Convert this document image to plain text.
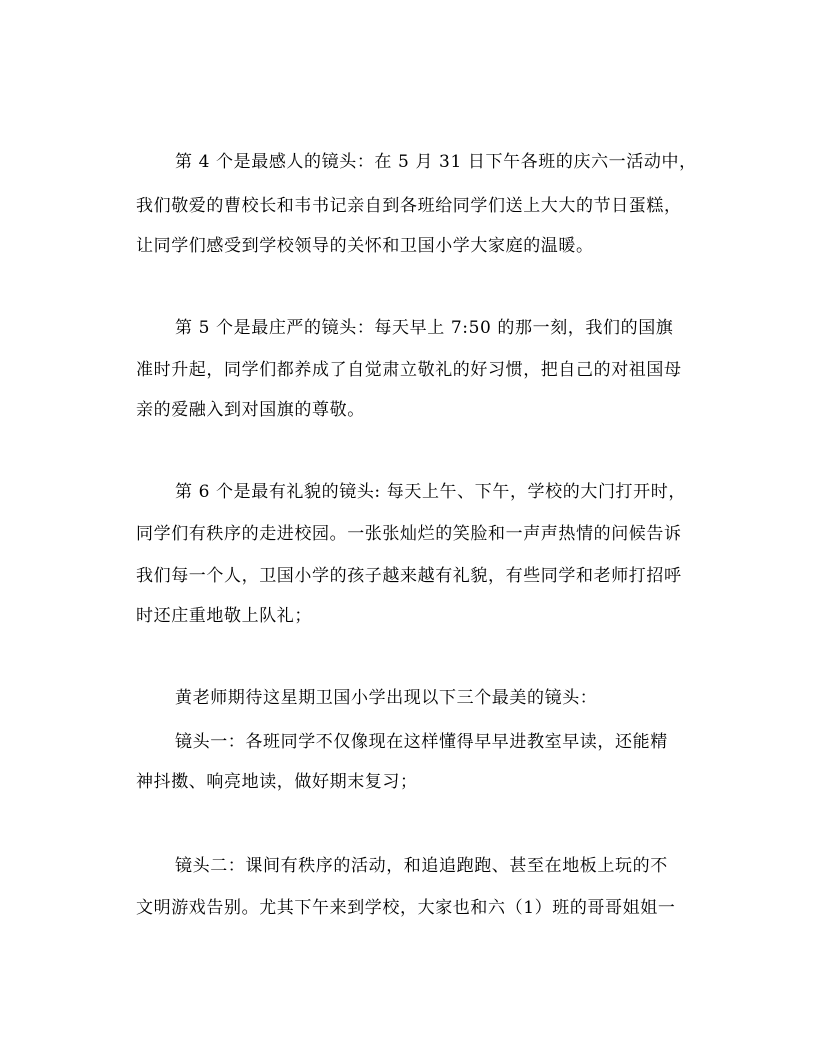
第 4 个是最感人的镜头：在 5 月 31 日下午各班的庆六一活动中，
我们敬爱的曹校长和韦书记亲自到各班给同学们送上大大的节日蛋糕，
让同学们感受到学校领导的关怀和卫国小学大家庭的温暖。
第 5 个是最庄严的镜头：每天早上 7:50 的那一刻，我们的国旗
准时升起，同学们都养成了自觉肃立敬礼的好习惯，把自己的对祖国母
亲的爱融入到对国旗的尊敬。
第 6 个是最有礼貌的镜头: 每天上午、下午，学校的大门打开时，
同学们有秩序的走进校园。一张张灿烂的笑脸和一声声热情的问候告诉
我们每一个人，卫国小学的孩子越来越有礼貌，有些同学和老师打招呼
时还庄重地敬上队礼；
黄老师期待这星期卫国小学出现以下三个最美的镜头：
镜头一：各班同学不仅像现在这样懂得早早进教室早读，还能精
神抖擞、响亮地读，做好期末复习；
镜头二：课间有秩序的活动，和追追跑跑、甚至在地板上玩的不
文明游戏告别。尤其下午来到学校，大家也和六（1）班的哥哥姐姐一
